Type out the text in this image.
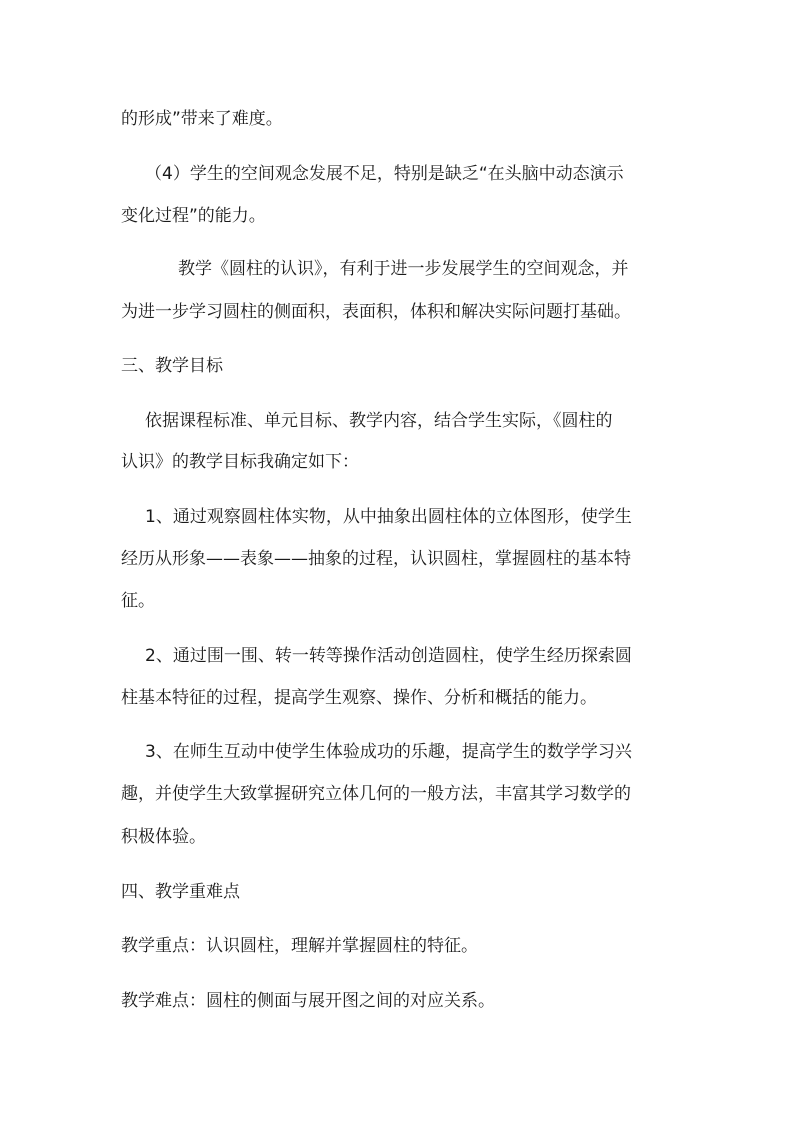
的形成”带来了难度。
（4）学生的空间观念发展不足，特别是缺乏“在头脑中动态演示
变化过程”的能力。
教学《圆柱的认识》，有利于进一步发展学生的空间观念，并
为进一步学习圆柱的侧面积，表面积，体积和解决实际问题打基础。
三、教学目标
依据课程标准、单元目标、教学内容，结合学生实际，《圆柱的
认识》的教学目标我确定如下：
1、通过观察圆柱体实物，从中抽象出圆柱体的立体图形，使学生
经历从形象——表象——抽象的过程，认识圆柱，掌握圆柱的基本特
征。
2、通过围一围、转一转等操作活动创造圆柱，使学生经历探索圆
柱基本特征的过程，提高学生观察、操作、分析和概括的能力。
3、在师生互动中使学生体验成功的乐趣，提高学生的数学学习兴
趣，并使学生大致掌握研究立体几何的一般方法，丰富其学习数学的
积极体验。
四、教学重难点
教学重点：认识圆柱，理解并掌握圆柱的特征。
教学难点：圆柱的侧面与展开图之间的对应关系。
